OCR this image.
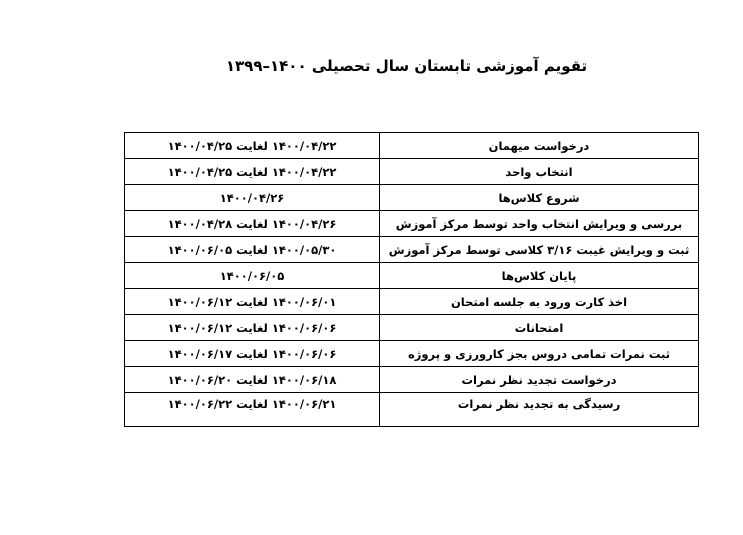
تقویم آموزشی تابستان سال تحصیلی ۱۴۰۰–۱۳۹۹
درخواست میهمان	۱۴۰۰/۰۴/۲۲ لغایت ۱۴۰۰/۰۴/۲۵
انتخاب واحد	۱۴۰۰/۰۴/۲۲ لغایت ۱۴۰۰/۰۴/۲۵
شروع کلاس‌ها	۱۴۰۰/۰۴/۲۶
بررسی و ویرایش انتخاب واحد توسط مرکز آموزش	۱۴۰۰/۰۴/۲۶ لغایت ۱۴۰۰/۰۴/۲۸
ثبت و ویرایش غیبت ۳/۱۶ کلاسی توسط مرکز آموزش	۱۴۰۰/۰۵/۳۰ لغایت ۱۴۰۰/۰۶/۰۵
پایان کلاس‌ها	۱۴۰۰/۰۶/۰۵
اخذ کارت ورود به جلسه امتحان	۱۴۰۰/۰۶/۰۱ لغایت ۱۴۰۰/۰۶/۱۲
امتحانات	۱۴۰۰/۰۶/۰۶ لغایت ۱۴۰۰/۰۶/۱۲
ثبت نمرات تمامی دروس بجز کارورزی و پروژه	۱۴۰۰/۰۶/۰۶ لغایت ۱۴۰۰/۰۶/۱۷
درخواست تجدید نظر نمرات	۱۴۰۰/۰۶/۱۸ لغایت ۱۴۰۰/۰۶/۲۰
رسیدگی به تجدید نظر نمرات	۱۴۰۰/۰۶/۲۱ لغایت ۱۴۰۰/۰۶/۲۲
